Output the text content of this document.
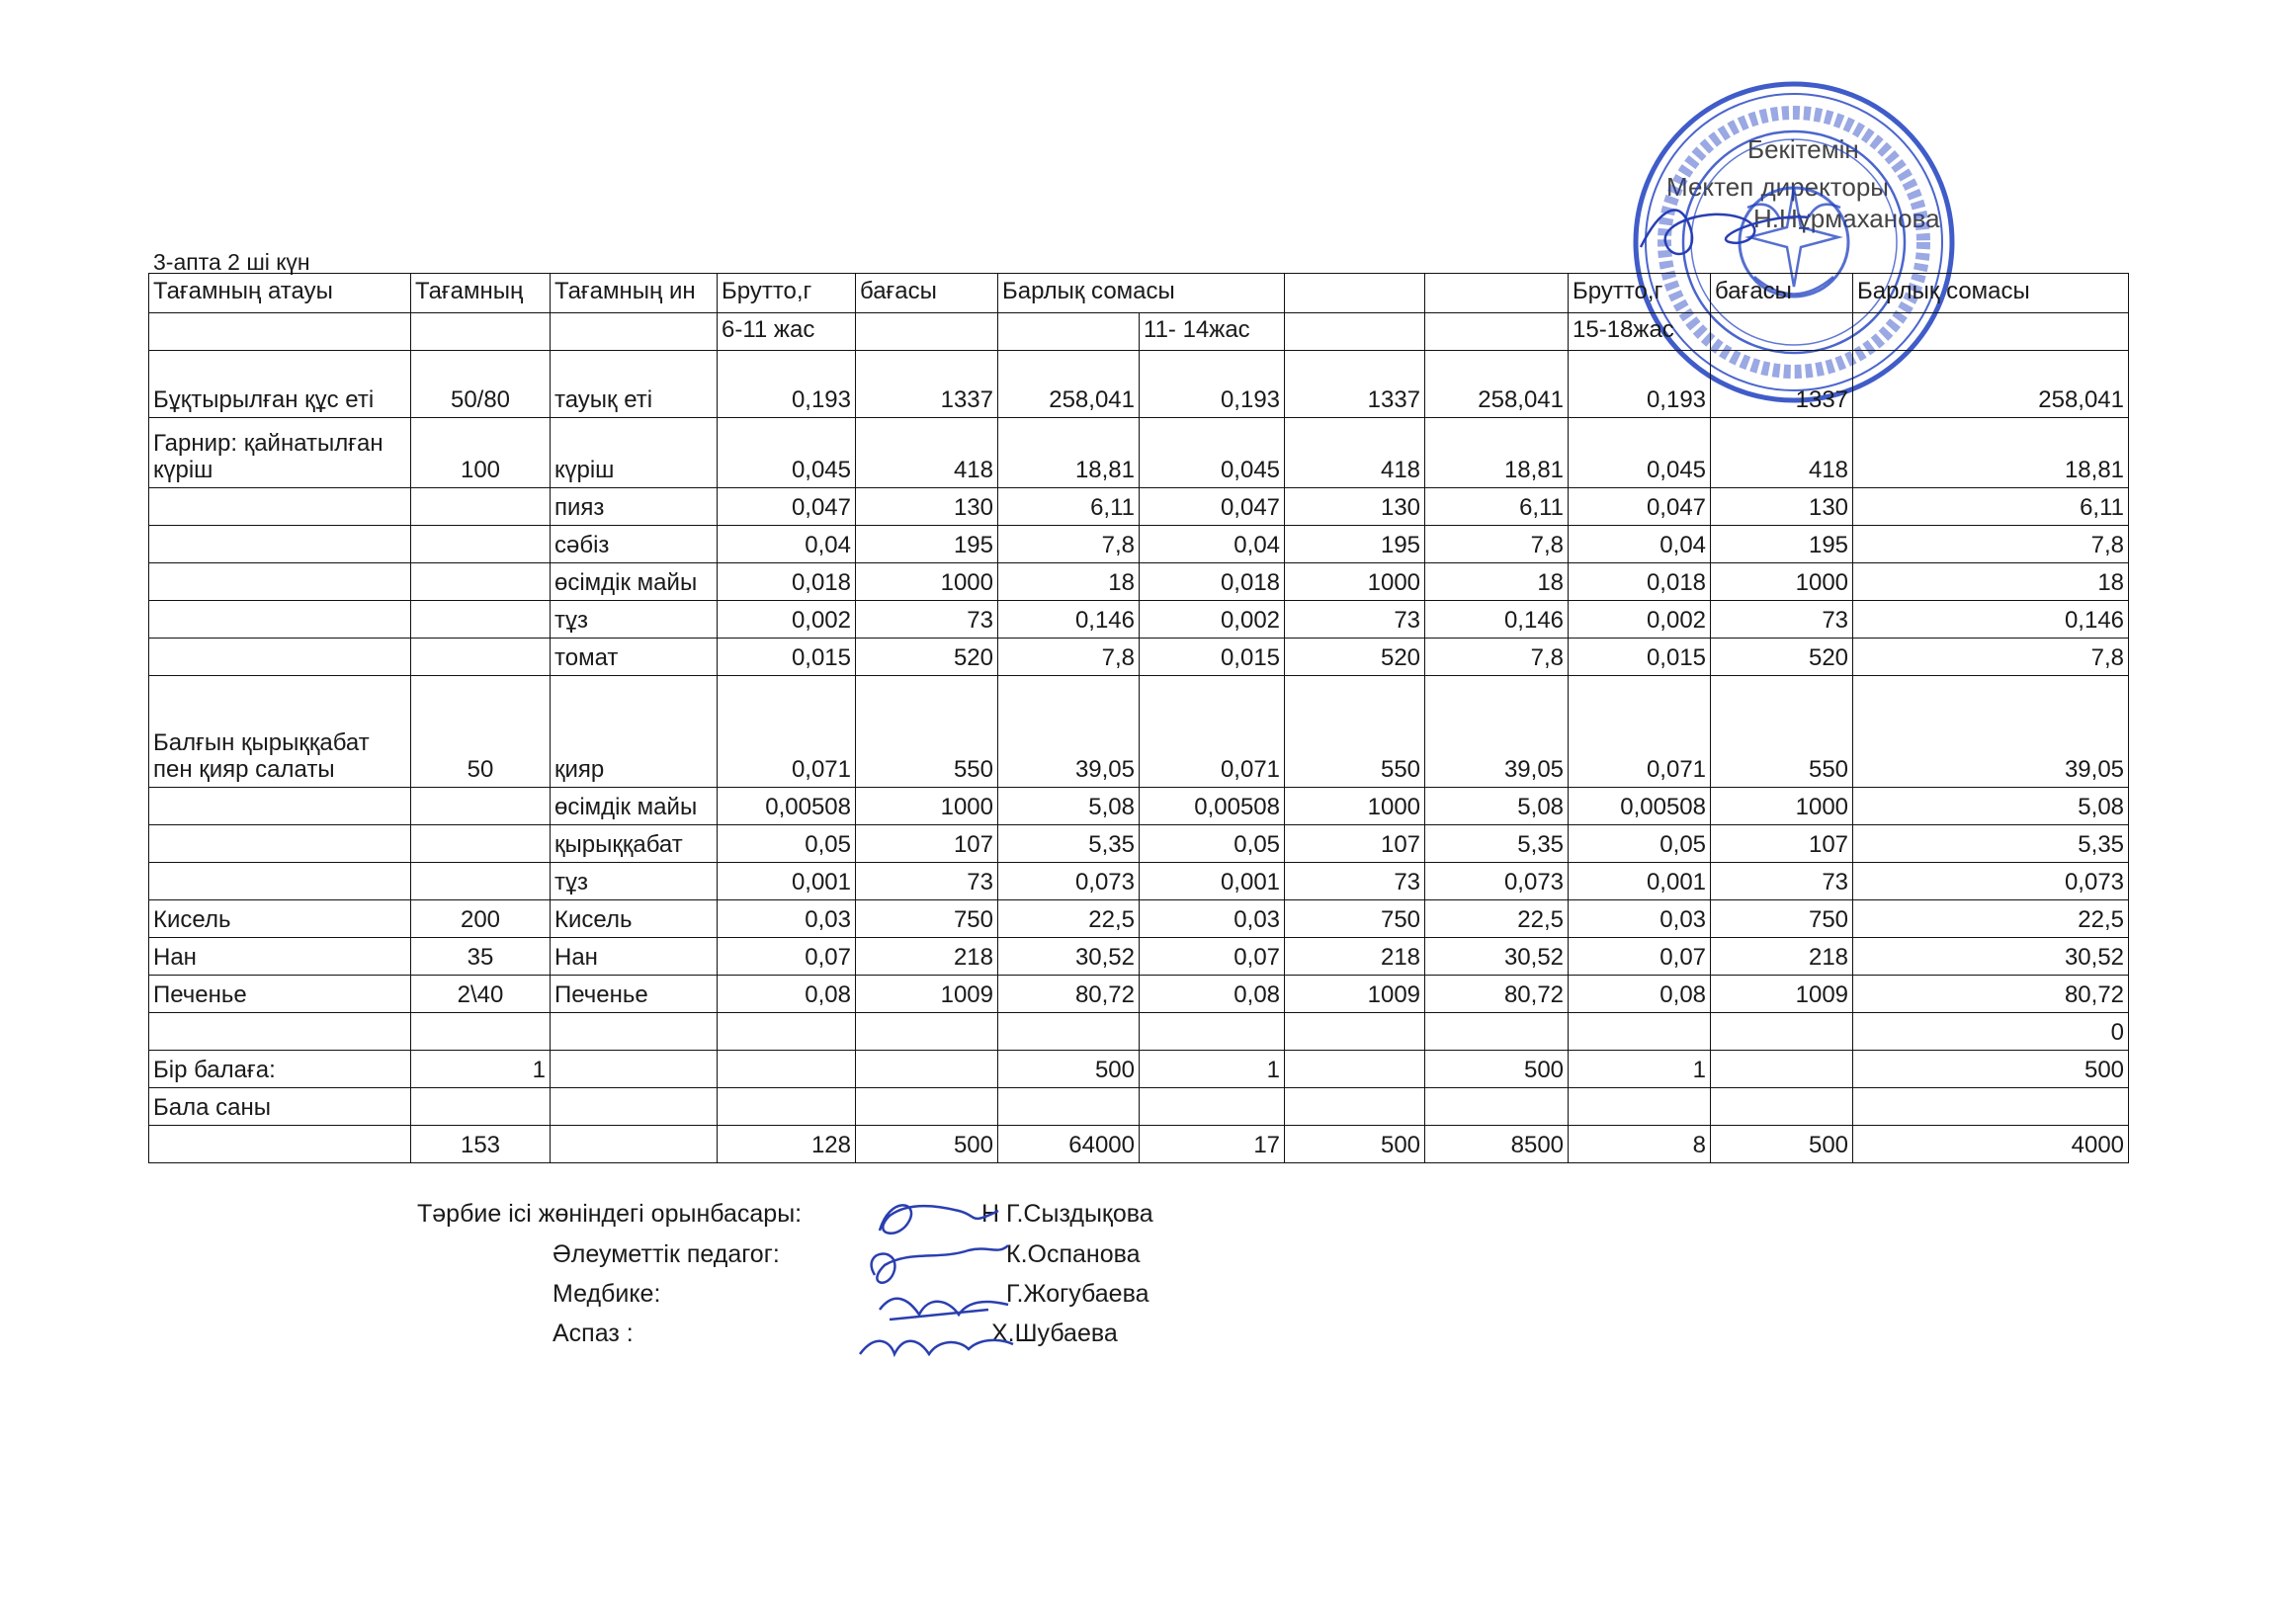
Бекітемін
Мектеп директоры
Н.Нұрмаханова
3-апта 2 ші күн
Тағамның атауы	Тағамның	Тағамның ин	Брутто,г	бағасы	Барлық сомасы				Брутто,г	бағасы	Барлық сомасы
			6-11 жас			11- 14жас			15-18жас		
Бұқтырылған құс еті	50/80	тауық еті	0,193	1337	258,041	0,193	1337	258,041	0,193	1337	258,041
Гарнир: қайнатылған күріш	100	күріш	0,045	418	18,81	0,045	418	18,81	0,045	418	18,81
		пияз	0,047	130	6,11	0,047	130	6,11	0,047	130	6,11
		сәбіз	0,04	195	7,8	0,04	195	7,8	0,04	195	7,8
		өсімдік майы	0,018	1000	18	0,018	1000	18	0,018	1000	18
		тұз	0,002	73	0,146	0,002	73	0,146	0,002	73	0,146
		томат	0,015	520	7,8	0,015	520	7,8	0,015	520	7,8
Балғын қырыққабат пен қияр салаты	50	қияр	0,071	550	39,05	0,071	550	39,05	0,071	550	39,05
		өсімдік майы	0,00508	1000	5,08	0,00508	1000	5,08	0,00508	1000	5,08
		қырыққабат	0,05	107	5,35	0,05	107	5,35	0,05	107	5,35
		тұз	0,001	73	0,073	0,001	73	0,073	0,001	73	0,073
Кисель	200	Кисель	0,03	750	22,5	0,03	750	22,5	0,03	750	22,5
Нан	35	Нан	0,07	218	30,52	0,07	218	30,52	0,07	218	30,52
Печенье	2\40	Печенье	0,08	1009	80,72	0,08	1009	80,72	0,08	1009	80,72
											0
Бір балаға:	1				500	1		500	1		500
Бала саны											
	153		128	500	64000	17	500	8500	8	500	4000
Тәрбие ісі жөніндегі орынбасары:	Н Г.Сыздықова
Әлеуметтік педагог:	К.Оспанова
Медбике:	Г.Жогубаева
Аспаз :	Х.Шубаева
